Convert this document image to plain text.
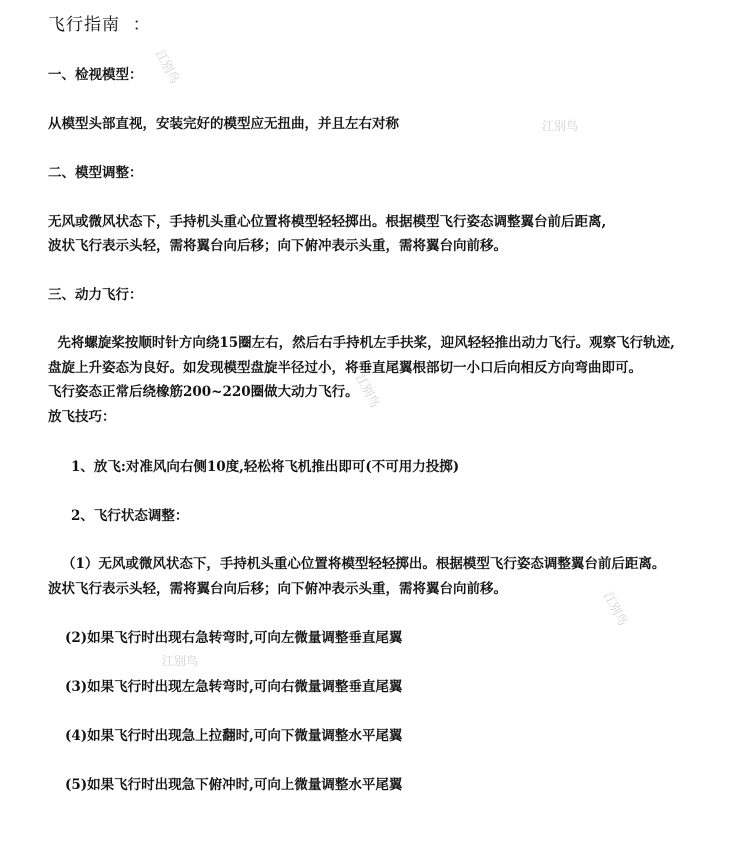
飞行指南  ：
一、检视模型：
从模型头部直视，安装完好的模型应无扭曲，并且左右对称
二、模型调整：
无风或微风状态下，手持机头重心位置将模型轻轻掷出。根据模型飞行姿态调整翼台前后距离,
波状飞行表示头轻，需将翼台向后移；向下俯冲表示头重，需将翼台向前移。
三、动力飞行：
先将螺旋桨按顺时针方向绕15圈左右，然后右手持机左手扶桨，迎风轻轻推出动力飞行。观察飞行轨迹,
盘旋上升姿态为良好。如发现模型盘旋半径过小，将垂直尾翼根部切一小口后向相反方向弯曲即可。
飞行姿态正常后绕橡筋200~220圈做大动力飞行。
放飞技巧：
1、放飞:对准风向右侧10度,轻松将飞机推出即可(不可用力投掷)
2、飞行状态调整：
（1）无风或微风状态下，手持机头重心位置将模型轻轻掷出。根据模型飞行姿态调整翼台前后距离。
波状飞行表示头轻，需将翼台向后移；向下俯冲表示头重，需将翼台向前移。
(2)如果飞行时出现右急转弯时,可向左微量调整垂直尾翼
(3)如果飞行时出现左急转弯时,可向右微量调整垂直尾翼
(4)如果飞行时出现急上拉翻时,可向下微量调整水平尾翼
(5)如果飞行时出现急下俯冲时,可向上微量调整水平尾翼
江别鸟
江别鸟
江别鸟
江别鸟
江别鸟
